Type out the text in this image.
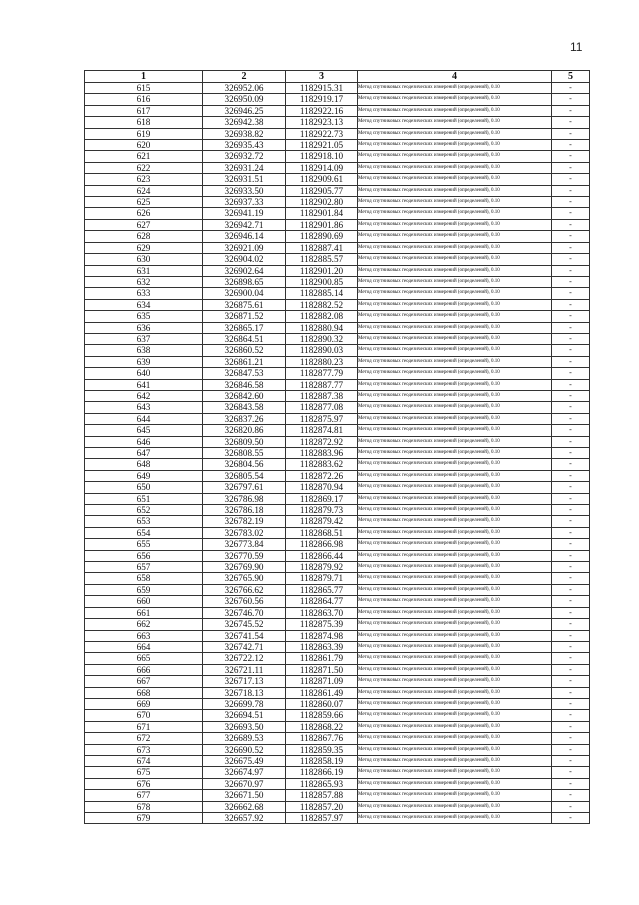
11
1	2	3	4	5
615	326952.06	1182915.31	Метод спутниковых геодезических измерений (определений), 0.10	-
616	326950.09	1182919.17	Метод спутниковых геодезических измерений (определений), 0.10	-
617	326946.25	1182922.16	Метод спутниковых геодезических измерений (определений), 0.10	-
618	326942.38	1182923.13	Метод спутниковых геодезических измерений (определений), 0.10	-
619	326938.82	1182922.73	Метод спутниковых геодезических измерений (определений), 0.10	-
620	326935.43	1182921.05	Метод спутниковых геодезических измерений (определений), 0.10	-
621	326932.72	1182918.10	Метод спутниковых геодезических измерений (определений), 0.10	-
622	326931.24	1182914.09	Метод спутниковых геодезических измерений (определений), 0.10	-
623	326931.51	1182909.61	Метод спутниковых геодезических измерений (определений), 0.10	-
624	326933.50	1182905.77	Метод спутниковых геодезических измерений (определений), 0.10	-
625	326937.33	1182902.80	Метод спутниковых геодезических измерений (определений), 0.10	-
626	326941.19	1182901.84	Метод спутниковых геодезических измерений (определений), 0.10	-
627	326942.71	1182901.86	Метод спутниковых геодезических измерений (определений), 0.10	-
628	326946.14	1182890.69	Метод спутниковых геодезических измерений (определений), 0.10	-
629	326921.09	1182887.41	Метод спутниковых геодезических измерений (определений), 0.10	-
630	326904.02	1182885.57	Метод спутниковых геодезических измерений (определений), 0.10	-
631	326902.64	1182901.20	Метод спутниковых геодезических измерений (определений), 0.10	-
632	326898.65	1182900.85	Метод спутниковых геодезических измерений (определений), 0.10	-
633	326900.04	1182885.14	Метод спутниковых геодезических измерений (определений), 0.10	-
634	326875.61	1182882.52	Метод спутниковых геодезических измерений (определений), 0.10	-
635	326871.52	1182882.08	Метод спутниковых геодезических измерений (определений), 0.10	-
636	326865.17	1182880.94	Метод спутниковых геодезических измерений (определений), 0.10	-
637	326864.51	1182890.32	Метод спутниковых геодезических измерений (определений), 0.10	-
638	326860.52	1182890.03	Метод спутниковых геодезических измерений (определений), 0.10	-
639	326861.21	1182880.23	Метод спутниковых геодезических измерений (определений), 0.10	-
640	326847.53	1182877.79	Метод спутниковых геодезических измерений (определений), 0.10	-
641	326846.58	1182887.77	Метод спутниковых геодезических измерений (определений), 0.10	-
642	326842.60	1182887.38	Метод спутниковых геодезических измерений (определений), 0.10	-
643	326843.58	1182877.08	Метод спутниковых геодезических измерений (определений), 0.10	-
644	326837.26	1182875.97	Метод спутниковых геодезических измерений (определений), 0.10	-
645	326820.86	1182874.81	Метод спутниковых геодезических измерений (определений), 0.10	-
646	326809.50	1182872.92	Метод спутниковых геодезических измерений (определений), 0.10	-
647	326808.55	1182883.96	Метод спутниковых геодезических измерений (определений), 0.10	-
648	326804.56	1182883.62	Метод спутниковых геодезических измерений (определений), 0.10	-
649	326805.54	1182872.26	Метод спутниковых геодезических измерений (определений), 0.10	-
650	326797.61	1182870.94	Метод спутниковых геодезических измерений (определений), 0.10	-
651	326786.98	1182869.17	Метод спутниковых геодезических измерений (определений), 0.10	-
652	326786.18	1182879.73	Метод спутниковых геодезических измерений (определений), 0.10	-
653	326782.19	1182879.42	Метод спутниковых геодезических измерений (определений), 0.10	-
654	326783.02	1182868.51	Метод спутниковых геодезических измерений (определений), 0.10	-
655	326773.84	1182866.98	Метод спутниковых геодезических измерений (определений), 0.10	-
656	326770.59	1182866.44	Метод спутниковых геодезических измерений (определений), 0.10	-
657	326769.90	1182879.92	Метод спутниковых геодезических измерений (определений), 0.10	-
658	326765.90	1182879.71	Метод спутниковых геодезических измерений (определений), 0.10	-
659	326766.62	1182865.77	Метод спутниковых геодезических измерений (определений), 0.10	-
660	326760.56	1182864.77	Метод спутниковых геодезических измерений (определений), 0.10	-
661	326746.70	1182863.70	Метод спутниковых геодезических измерений (определений), 0.10	-
662	326745.52	1182875.39	Метод спутниковых геодезических измерений (определений), 0.10	-
663	326741.54	1182874.98	Метод спутниковых геодезических измерений (определений), 0.10	-
664	326742.71	1182863.39	Метод спутниковых геодезических измерений (определений), 0.10	-
665	326722.12	1182861.79	Метод спутниковых геодезических измерений (определений), 0.10	-
666	326721.11	1182871.50	Метод спутниковых геодезических измерений (определений), 0.10	-
667	326717.13	1182871.09	Метод спутниковых геодезических измерений (определений), 0.10	-
668	326718.13	1182861.49	Метод спутниковых геодезических измерений (определений), 0.10	-
669	326699.78	1182860.07	Метод спутниковых геодезических измерений (определений), 0.10	-
670	326694.51	1182859.66	Метод спутниковых геодезических измерений (определений), 0.10	-
671	326693.50	1182868.22	Метод спутниковых геодезических измерений (определений), 0.10	-
672	326689.53	1182867.76	Метод спутниковых геодезических измерений (определений), 0.10	-
673	326690.52	1182859.35	Метод спутниковых геодезических измерений (определений), 0.10	-
674	326675.49	1182858.19	Метод спутниковых геодезических измерений (определений), 0.10	-
675	326674.97	1182866.19	Метод спутниковых геодезических измерений (определений), 0.10	-
676	326670.97	1182865.93	Метод спутниковых геодезических измерений (определений), 0.10	-
677	326671.50	1182857.88	Метод спутниковых геодезических измерений (определений), 0.10	-
678	326662.68	1182857.20	Метод спутниковых геодезических измерений (определений), 0.10	-
679	326657.92	1182857.97	Метод спутниковых геодезических измерений (определений), 0.10	-
